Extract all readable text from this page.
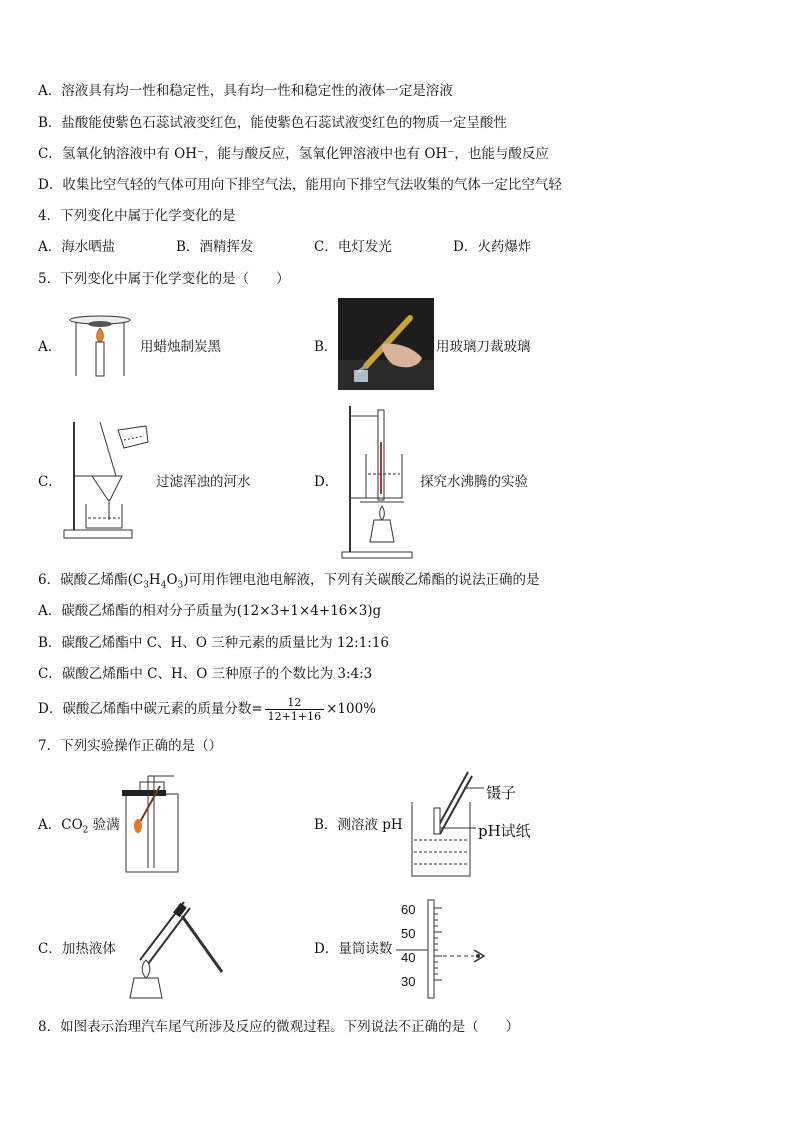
A．溶液具有均一性和稳定性，具有均一性和稳定性的液体一定是溶液
B．盐酸能使紫色石蕊试液变红色，能使紫色石蕊试液变红色的物质一定呈酸性
C．氢氧化钠溶液中有 OH⁻，能与酸反应，氢氧化钾溶液中也有 OH⁻，也能与酸反应
D．收集比空气轻的气体可用向下排空气法，能用向下排空气法收集的气体一定比空气轻
4．下列变化中属于化学变化的是
A．海水晒盐	B．酒精挥发	C．电灯发光	D．火药爆炸
5．下列变化中属于化学变化的是（　　）
A．	用蜡烛制炭黑	B．	用玻璃刀裁玻璃
C．	过滤浑浊的河水	D．	探究水沸腾的实验
6．碳酸乙烯酯$(C_3H_4O_3)$可用作锂电池电解液，下列有关碳酸乙烯酯的说法正确的是
A．碳酸乙烯酯的相对分子质量为(12×3+1×4+16×3)g
B．碳酸乙烯酯中 C、H、O 三种元素的质量比为 12:1:16
C．碳酸乙烯酯中 C、H、O 三种原子的个数比为 3:4:3
D．碳酸乙烯酯中碳元素的质量分数= $\frac{12}{12+1+16} \times 100\%$
7．下列实验操作正确的是（）
A．$CO_2$ 验满	B．测溶液 pH
镊子
pH试纸
C．加热液体	D．量筒读数
60
50
40
30
8．如图表示治理汽车尾气所涉及反应的微观过程。下列说法不正确的是（　　）
